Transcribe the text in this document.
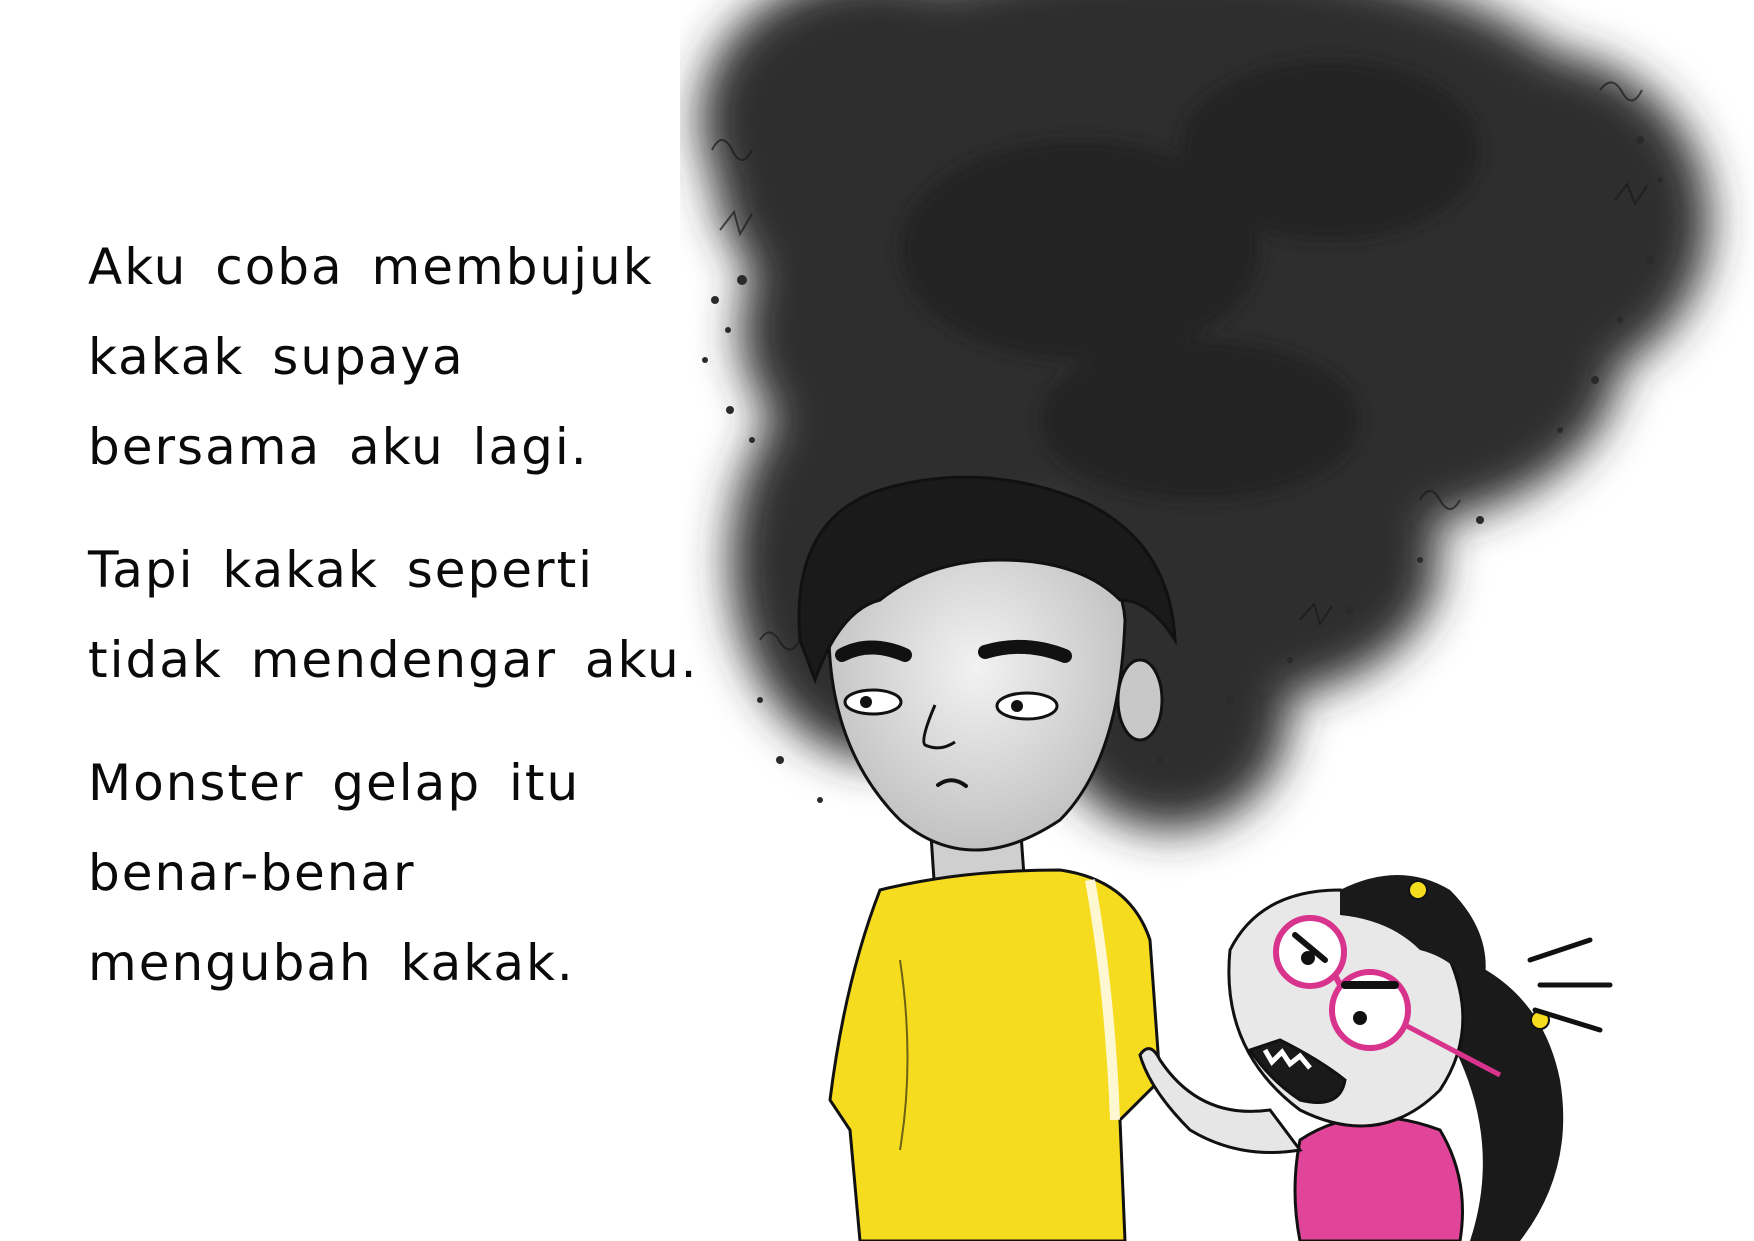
Aku coba membujuk
kakak supaya
bersama aku lagi.
Tapi kakak seperti
tidak mendengar aku.
Monster gelap itu
benar-benar
mengubah kakak.
